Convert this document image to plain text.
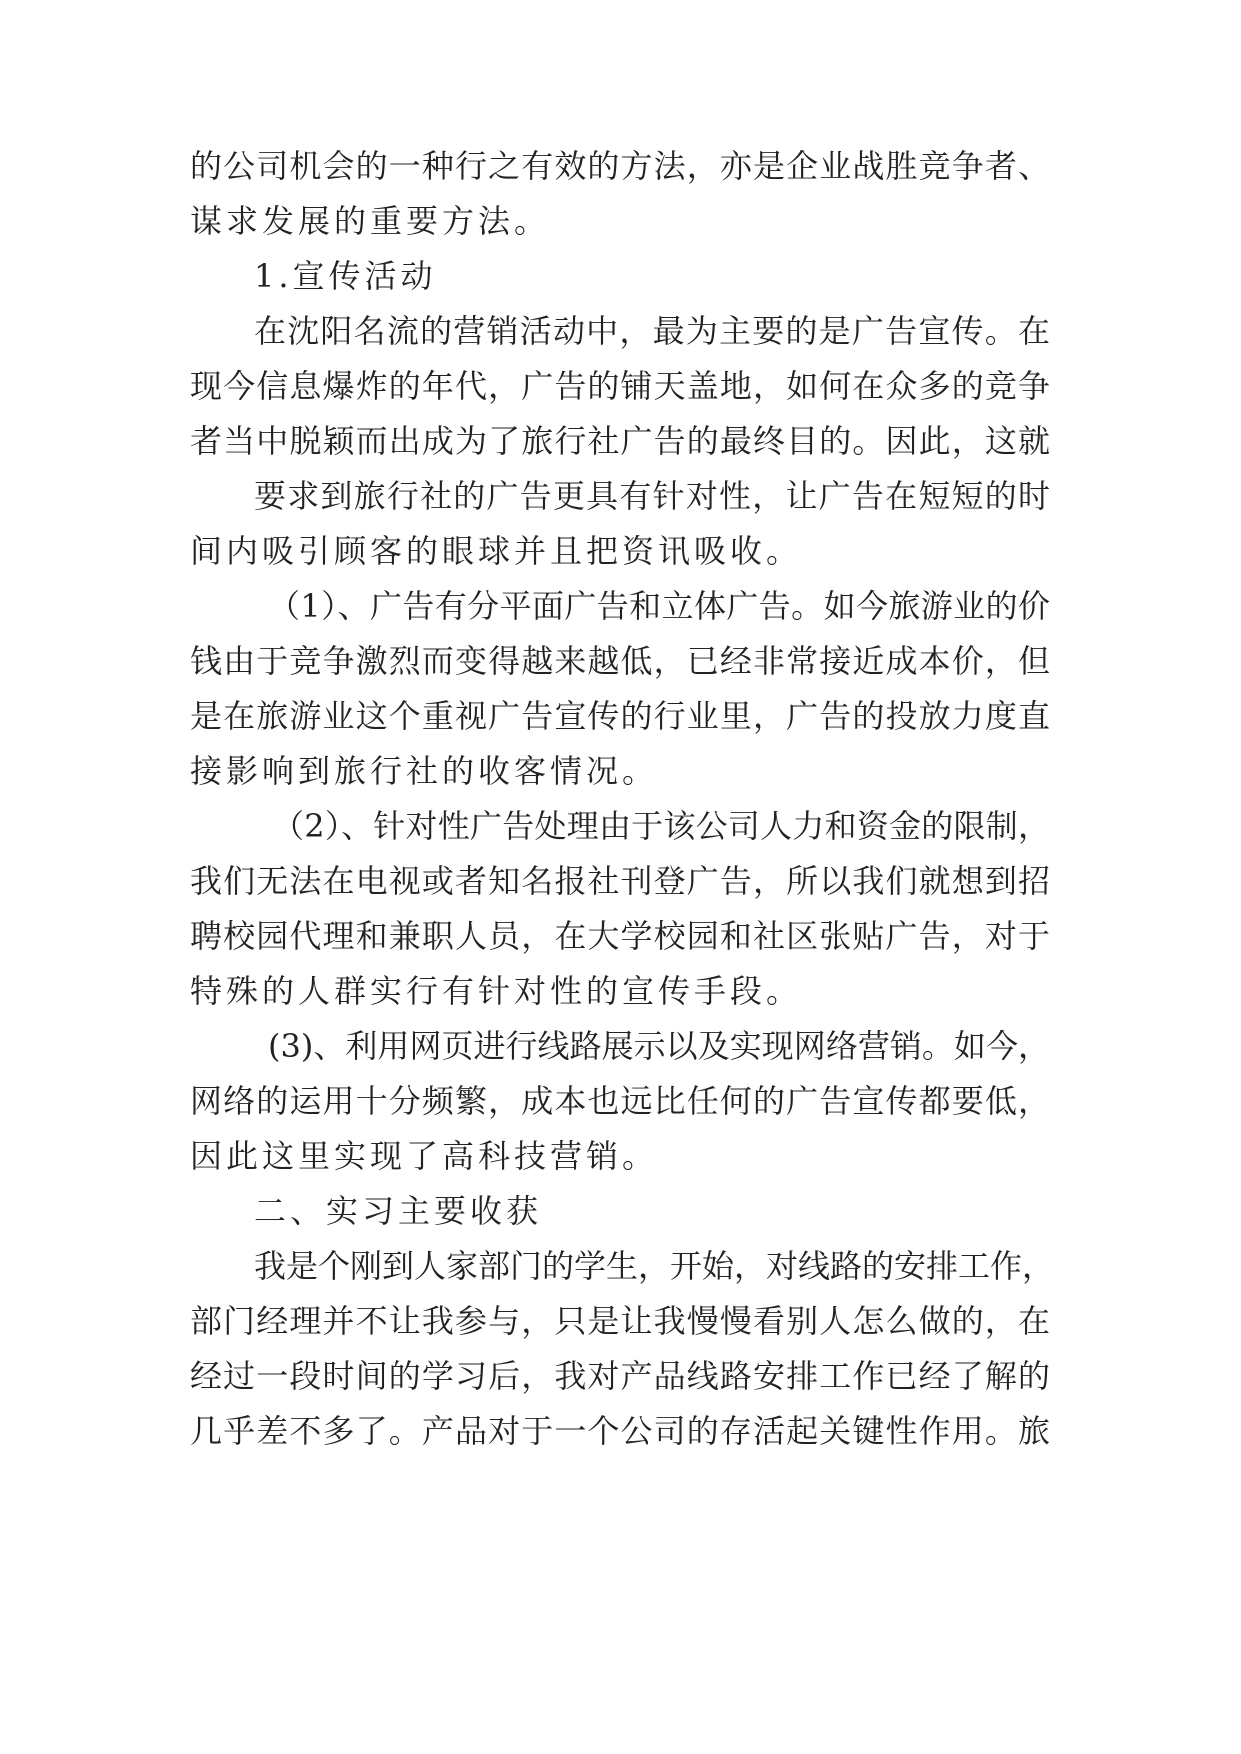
的公司机会的一种行之有效的方法，亦是企业战胜竞争者、
谋求发展的重要方法。
1.宣传活动
在沈阳名流的营销活动中，最为主要的是广告宣传。在
现今信息爆炸的年代，广告的铺天盖地，如何在众多的竞争
者当中脱颖而出成为了旅行社广告的最终目的。因此，这就
要求到旅行社的广告更具有针对性，让广告在短短的时
间内吸引顾客的眼球并且把资讯吸收。
（1）、广告有分平面广告和立体广告。如今旅游业的价
钱由于竞争激烈而变得越来越低，已经非常接近成本价，但
是在旅游业这个重视广告宣传的行业里，广告的投放力度直
接影响到旅行社的收客情况。
（2）、针对性广告处理由于该公司人力和资金的限制，
我们无法在电视或者知名报社刊登广告，所以我们就想到招
聘校园代理和兼职人员，在大学校园和社区张贴广告，对于
特殊的人群实行有针对性的宣传手段。
(3)、利用网页进行线路展示以及实现网络营销。如今，
网络的运用十分频繁，成本也远比任何的广告宣传都要低，
因此这里实现了高科技营销。
二、实习主要收获
我是个刚到人家部门的学生，开始，对线路的安排工作，
部门经理并不让我参与，只是让我慢慢看别人怎么做的，在
经过一段时间的学习后，我对产品线路安排工作已经了解的
几乎差不多了。产品对于一个公司的存活起关键性作用。旅
